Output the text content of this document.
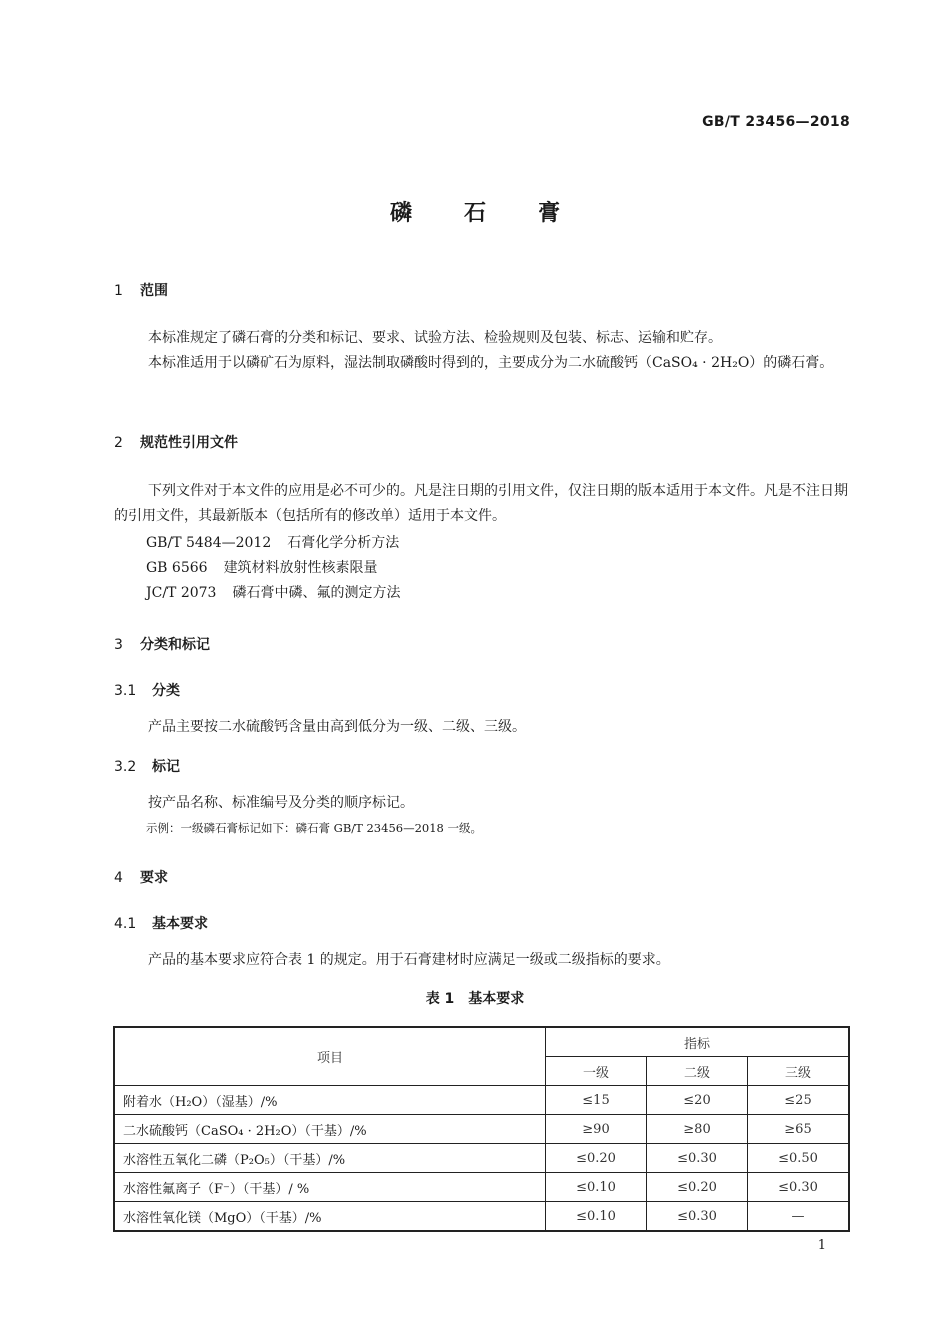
GB/T 23456—2018
磷 石 膏
1 范围
本标准规定了磷石膏的分类和标记、要求、试验方法、检验规则及包装、标志、运输和贮存。
本标准适用于以磷矿石为原料，湿法制取磷酸时得到的，主要成分为二水硫酸钙（CaSO₄ · 2H₂O）的磷石膏。
2 规范性引用文件
下列文件对于本文件的应用是必不可少的。凡是注日期的引用文件，仅注日期的版本适用于本文件。凡是不注日期的引用文件，其最新版本（包括所有的修改单）适用于本文件。
GB/T 5484—2012 石膏化学分析方法
GB 6566 建筑材料放射性核素限量
JC/T 2073 磷石膏中磷、氟的测定方法
3 分类和标记
3.1 分类
产品主要按二水硫酸钙含量由高到低分为一级、二级、三级。
3.2 标记
按产品名称、标准编号及分类的顺序标记。
示例：一级磷石膏标记如下：磷石膏 GB/T 23456—2018 一级。
4 要求
4.1 基本要求
产品的基本要求应符合表 1 的规定。用于石膏建材时应满足一级或二级指标的要求。
表 1　基本要求
项目	指标		
	一级	二级	三级
附着水（H₂O）（湿基）/%	≤15	≤20	≤25
二水硫酸钙（CaSO₄ · 2H₂O）（干基）/%	≥90	≥80	≥65
水溶性五氧化二磷（P₂O₅）（干基）/%	≤0.20	≤0.30	≤0.50
水溶性氟离子（F⁻）（干基）/ %	≤0.10	≤0.20	≤0.30
水溶性氧化镁（MgO）（干基）/%	≤0.10	≤0.30	—
1
